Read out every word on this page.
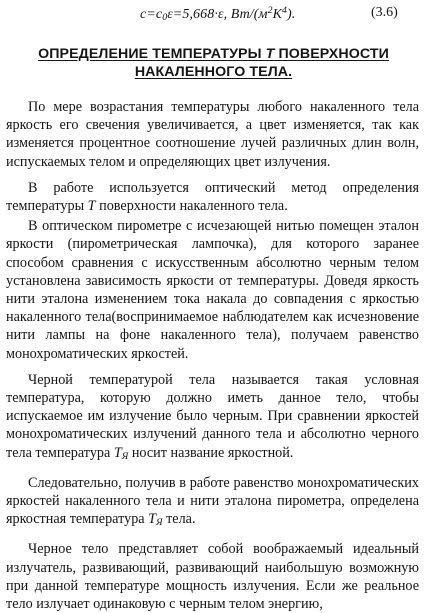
$c=c_0\varepsilon=5,668\cdot\varepsilon$, $Вт/(м^2К^4)$.	(3.6)
ОПРЕДЕЛЕНИЕ ТЕМПЕРАТУРЫ Т ПОВЕРХНОСТИ
НАКАЛЕННОГО ТЕЛА.

По мере возрастания температуры любого накаленного тела яркость его свечения увеличивается, а цвет изменяется, так как изменяется процентное соотношение лучей различных длин волн, испускаемых телом и определяющих цвет излучения.

В работе используется оптический метод определения температуры Т поверхности накаленного тела.

В оптическом пирометре с исчезающей нитью помещен эталон яркости (пирометрическая лампочка), для которого заранее способом сравнения с искусственным абсолютно черным телом установлена зависимость яркости от температуры. Доведя яркость нити эталона изменением тока накала до совпадения с яркостью накаленного тела(воспринимаемое наблюдателем как исчезновение нити лампы на фоне накаленного тела), получаем равенство монохроматических яркостей.

Черной температурой тела называется такая условная температура, которую должно иметь данное тело, чтобы испускаемое им излучение было черным. При сравнении яркостей монохроматических излучений данного тела и абсолютно черного тела температура $Т_Я$ носит название яркостной.

Следовательно, получив в работе равенство монохроматических яркостей накаленного тела и нити эталона пирометра, определена яркостная температура $Т_Я$ тела.

Черное тело представляет собой воображаемый идеальный излучатель, развивающий, развивающий наибольшую возможную при данной температуре мощность излучения. Если же реальное тело излучает одинаковую с черным телом энергию,
